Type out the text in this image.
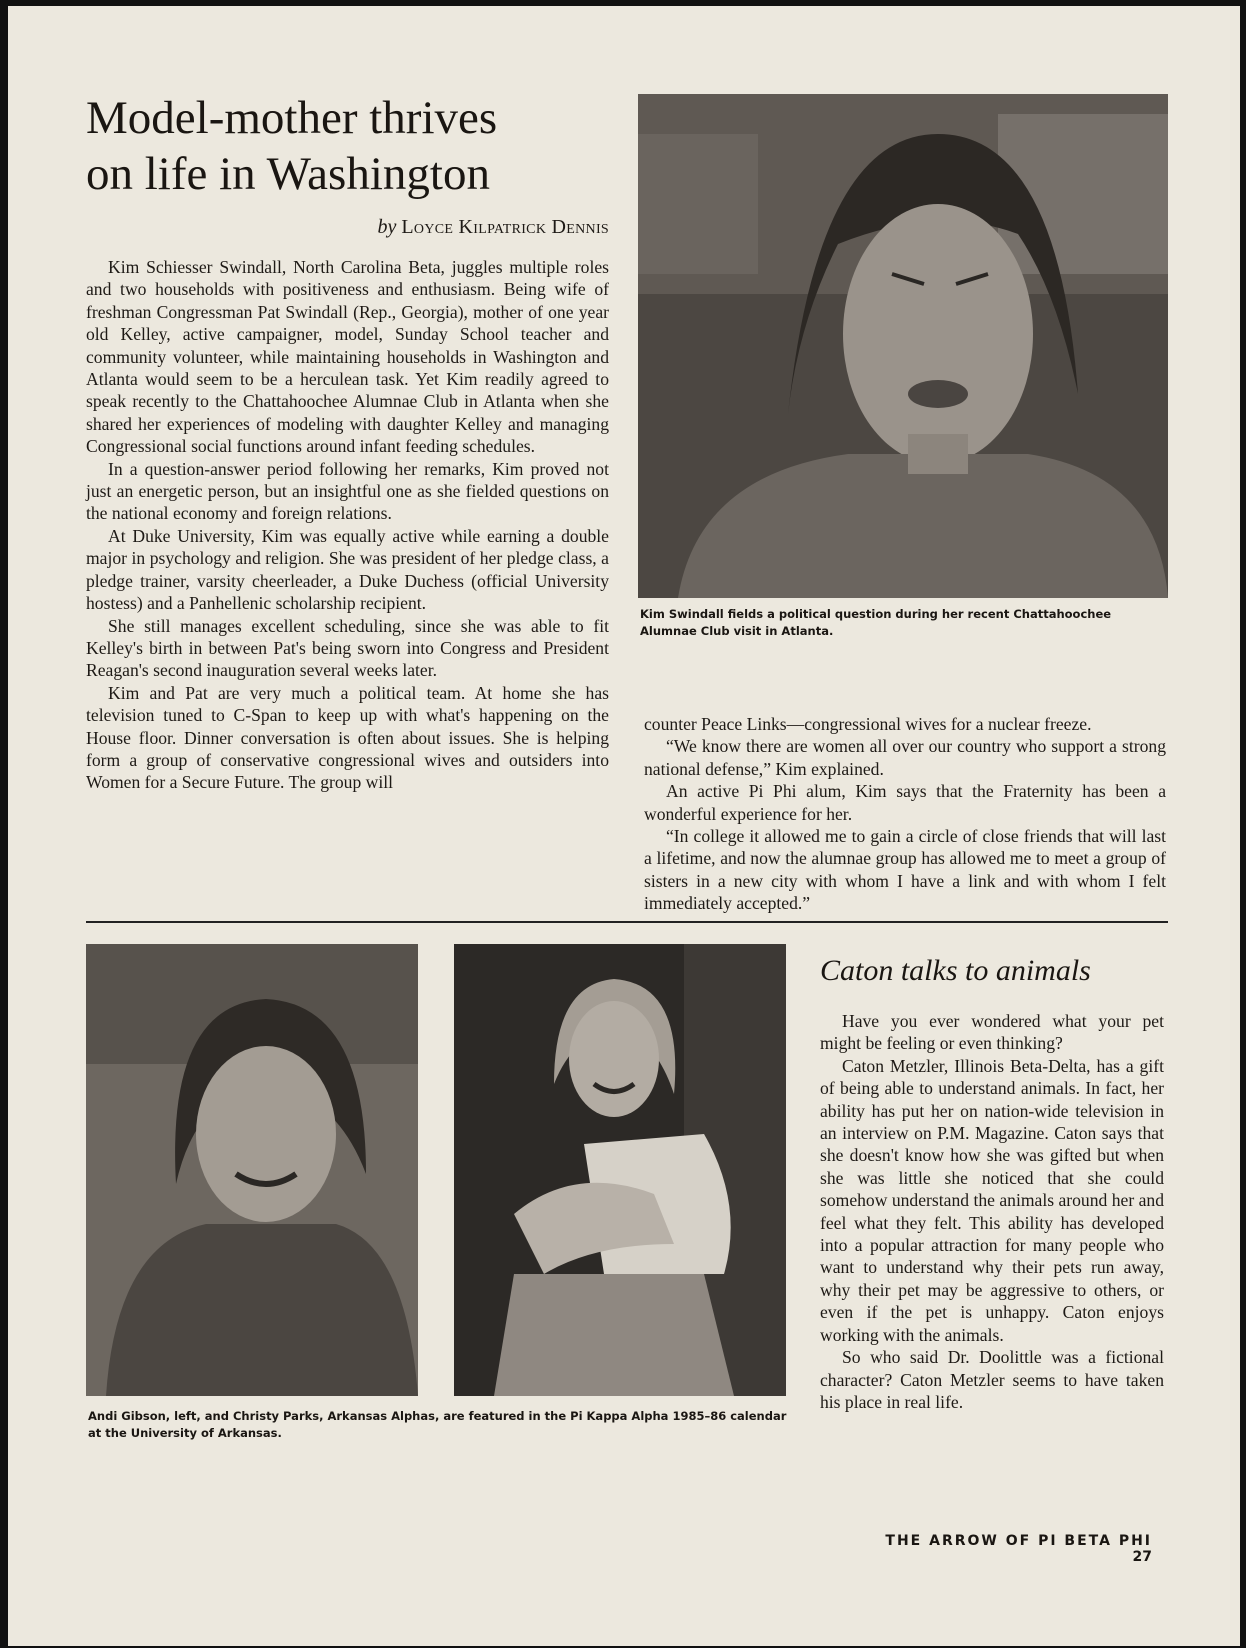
Model-mother thrives
on life in Washington
by Loyce Kilpatrick Dennis

Kim Schiesser Swindall, North Carolina Beta, juggles multiple roles and two households with positiveness and enthusiasm. Being wife of freshman Congressman Pat Swindall (Rep., Georgia), mother of one year old Kelley, active campaigner, model, Sunday School teacher and community volunteer, while maintaining households in Washington and Atlanta would seem to be a herculean task. Yet Kim readily agreed to speak recently to the Chattahoochee Alumnae Club in Atlanta when she shared her experiences of modeling with daughter Kelley and managing Congressional social functions around infant feeding schedules.

In a question-answer period following her remarks, Kim proved not just an energetic person, but an insightful one as she fielded questions on the national economy and foreign relations.

At Duke University, Kim was equally active while earning a double major in psychology and religion. She was president of her pledge class, a pledge trainer, varsity cheerleader, a Duke Duchess (official University hostess) and a Panhellenic scholarship recipient.

She still manages excellent scheduling, since she was able to fit Kelley's birth in between Pat's being sworn into Congress and President Reagan's second inauguration several weeks later.

Kim and Pat are very much a political team. At home she has television tuned to C-Span to keep up with what's happening on the House floor. Dinner conversation is often about issues. She is helping form a group of conservative congressional wives and outsiders into Women for a Secure Future. The group will

Kim Swindall fields a political question during her recent Chattahoochee Alumnae Club visit in Atlanta.

counter Peace Links—congressional wives for a nuclear freeze.

“We know there are women all over our country who support a strong national defense,” Kim explained.

An active Pi Phi alum, Kim says that the Fraternity has been a wonderful experience for her.

“In college it allowed me to gain a circle of close friends that will last a lifetime, and now the alumnae group has allowed me to meet a group of sisters in a new city with whom I have a link and with whom I felt immediately accepted.”

Andi Gibson, left, and Christy Parks, Arkansas Alphas, are featured in the Pi Kappa Alpha 1985–86 calendar at the University of Arkansas.
Caton talks to animals

Have you ever wondered what your pet might be feeling or even thinking?

Caton Metzler, Illinois Beta-Delta, has a gift of being able to understand animals. In fact, her ability has put her on nation-wide television in an interview on P.M. Magazine. Caton says that she doesn't know how she was gifted but when she was little she noticed that she could somehow understand the animals around her and feel what they felt. This ability has developed into a popular attraction for many people who want to understand why their pets run away, why their pet may be aggressive to others, or even if the pet is unhappy. Caton enjoys working with the animals.

So who said Dr. Doolittle was a fictional character? Caton Metzler seems to have taken his place in real life.

THE ARROW OF PI BETA PHI 27
